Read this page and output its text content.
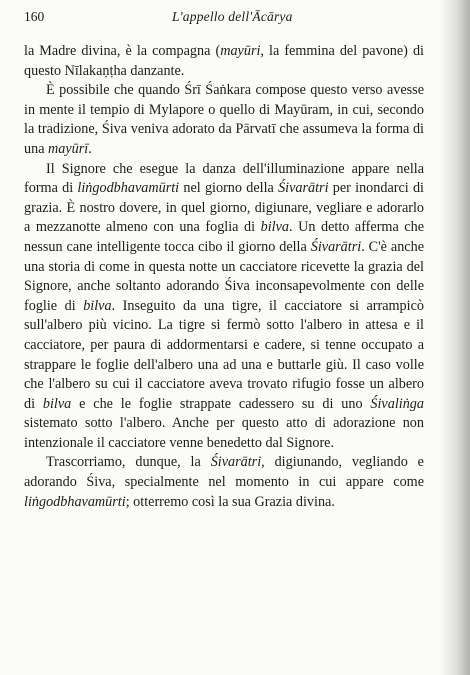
160	L'appello dell'Ācārya

la Madre divina, è la compagna (mayūri, la femmina del pavone) di questo Nīlakaṇṭha danzante.

È possibile che quando Śrī Śaṅkara compose questo verso avesse in mente il tempio di Mylapore o quello di Mayūram, in cui, secondo la tradizione, Śiva veniva adorato da Pārvatī che assumeva la forma di una mayūrī.

Il Signore che esegue la danza dell'illuminazione appare nella forma di liṅgodbhavamūrti nel giorno della Śivarātri per inondarci di grazia. È nostro dovere, in quel giorno, digiunare, vegliare e adorarlo a mezzanotte almeno con una foglia di bilva. Un detto afferma che nessun cane intelligente tocca cibo il giorno della Śivarātri. C'è anche una storia di come in questa notte un cacciatore ricevette la grazia del Signore, anche soltanto adorando Śiva inconsapevolmente con delle foglie di bilva. Inseguito da una tigre, il cacciatore si arrampicò sull'albero più vicino. La tigre si fermò sotto l'albero in attesa e il cacciatore, per paura di addormentarsi e cadere, si tenne occupato a strappare le foglie dell'albero una ad una e buttarle giù. Il caso volle che l'albero su cui il cacciatore aveva trovato rifugio fosse un albero di bilva e che le foglie strappate cadessero su di uno Śivaliṅga sistemato sotto l'albero. Anche per questo atto di adorazione non intenzionale il cacciatore venne benedetto dal Signore.

Trascorriamo, dunque, la Śivarātri, digiunando, vegliando e adorando Śiva, specialmente nel momento in cui appare come liṅgodbhavamūrti; otterremo così la sua Grazia divina.
